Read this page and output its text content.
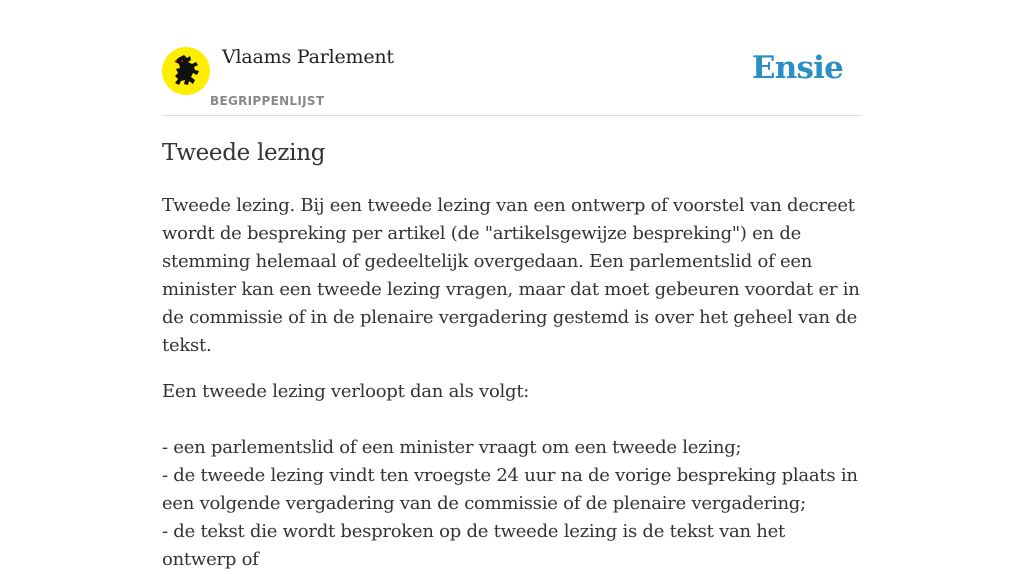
Vlaams Parlement
BEGRIPPENLIJST
Ensie
Tweede lezing

Tweede lezing. Bij een tweede lezing van een ontwerp of voorstel van decreet wordt de bespreking per artikel (de "artikelsgewijze bespreking") en de stemming helemaal of gedeeltelijk overgedaan. Een parlementslid of een minister kan een tweede lezing vragen, maar dat moet gebeuren voordat er in de commissie of in de plenaire vergadering gestemd is over het geheel van de tekst.

Een tweede lezing verloopt dan als volgt:
- een parlementslid of een minister vraagt om een tweede lezing;
- de tweede lezing vindt ten vroegste 24 uur na de vorige bespreking plaats in een volgende vergadering van de commissie of de plenaire vergadering;
- de tekst die wordt besproken op de tweede lezing is de tekst van het ontwerp of
